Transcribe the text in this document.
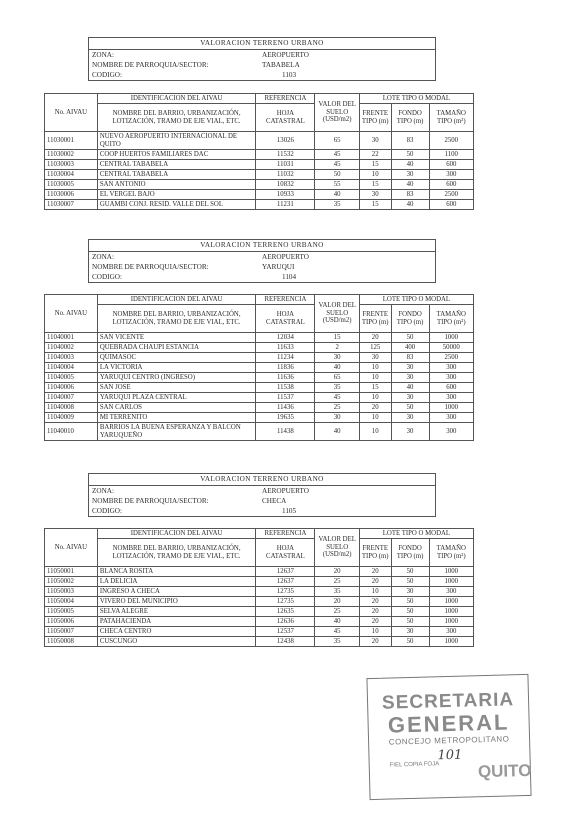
VALORACION TERRENO URBANO
ZONA:	AEROPUERTO
NOMBRE DE PARROQUIA/SECTOR:	TABABELA
CODIGO:	1103
No. AIVAU	IDENTIFICACION DEL AIVAU	REFERENCIA	VALOR DEL SUELO (USD/m2)	LOTE TIPO O MODAL		
	NOMBRE DEL BARRIO, URBANIZACIÓN, LOTIZACIÓN, TRAMO DE EJE VIAL, ETC.	HOJA CATASTRAL		FRENTE TIPO (m)	FONDO TIPO (m)	TAMAÑO TIPO (m²)
11030001	NUEVO AEROPUERTO INTERNACIONAL DE QUITO	13026	65	30	83	2500
11030002	COOP HUERTOS FAMILIARES DAC	11532	45	22	50	1100
11030003	CENTRAL TABABELA	11031	45	15	40	600
11030004	CENTRAL TABABELA	11032	50	10	30	300
11030005	SAN ANTONIO	10832	55	15	40	600
11030006	EL VERGEL BAJO	10933	40	30	83	2500
11030007	GUAMBI CONJ. RESID. VALLE DEL SOL	11231	35	15	40	600
VALORACION TERRENO URBANO
ZONA:	AEROPUERTO
NOMBRE DE PARROQUIA/SECTOR:	YARUQUI
CODIGO:	1104
No. AIVAU	IDENTIFICACION DEL AIVAU	REFERENCIA	VALOR DEL SUELO (USD/m2)	LOTE TIPO O MODAL		
	NOMBRE DEL BARRIO, URBANIZACIÓN, LOTIZACIÓN, TRAMO DE EJE VIAL, ETC.	HOJA CATASTRAL		FRENTE TIPO (m)	FONDO TIPO (m)	TAMAÑO TIPO (m²)
11040001	SAN VICENTE	12034	15	20	50	1000
11040002	QUEBRADA CHAUPI ESTANCIA	11633	2	125	400	50000
11040003	QUIMASOC	11234	30	30	83	2500
11040004	LA VICTORIA	11836	40	10	30	300
11040005	YARUQUI CENTRO (INGRESO)	11636	65	10	30	300
11040006	SAN JOSE	11538	35	15	40	600
11040007	YARUQUI PLAZA CENTRAL	11537	45	10	30	300
11040008	SAN CARLOS	11436	25	20	50	1000
11040009	MI TERRENITO	19635	30	10	30	300
11040010	BARRIOS LA BUENA ESPERANZA Y BALCON YARUQUEÑO	11438	40	10	30	300
VALORACION TERRENO URBANO
ZONA:	AEROPUERTO
NOMBRE DE PARROQUIA/SECTOR:	CHECA
CODIGO:	1105
No. AIVAU	IDENTIFICACION DEL AIVAU	REFERENCIA	VALOR DEL SUELO (USD/m2)	LOTE TIPO O MODAL		
	NOMBRE DEL BARRIO, URBANIZACIÓN, LOTIZACIÓN, TRAMO DE EJE VIAL, ETC.	HOJA CATASTRAL		FRENTE TIPO (m)	FONDO TIPO (m)	TAMAÑO TIPO (m²)
11050001	BLANCA ROSITA	12637	20	20	50	1000
11050002	LA DELICIA	12637	25	20	50	1000
11050003	INGRESO A CHECA	12735	35	10	30	300
11050004	VIVERO DEL MUNICIPIO	12735	20	20	50	1000
11050005	SELVA ALEGRE	12635	25	20	50	1000
11050006	PATAHACIENDA	12636	40	20	50	1000
11050007	CHECA CENTRO	12537	45	10	30	300
11050008	CUSCUNGO	12438	35	20	50	1000
SECRETARIA
GENERAL
CONCEJO METROPOLITANO
FIEL COPIA FOJA
101
QUITO
